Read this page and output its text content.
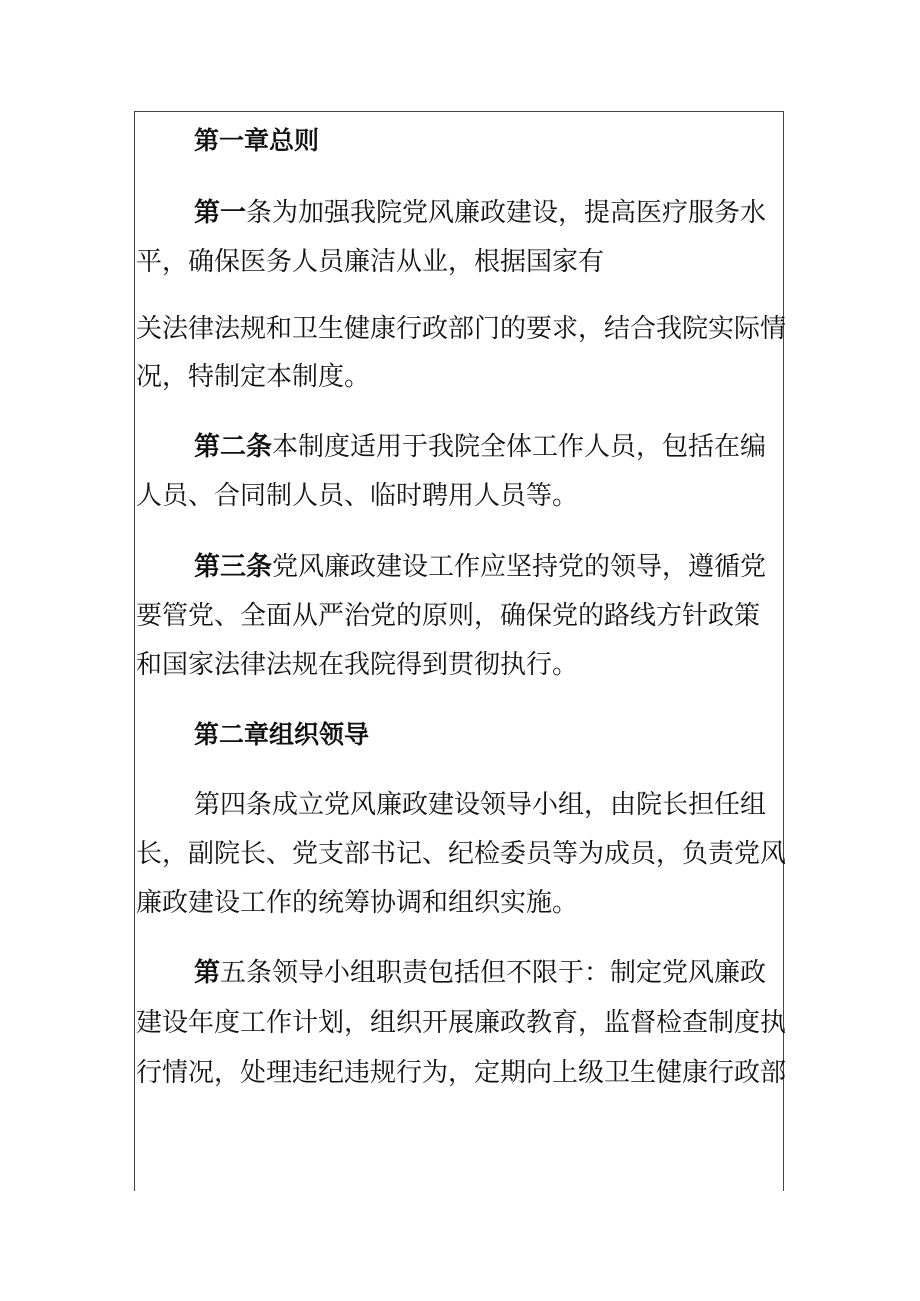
第一章总则
第一条为加强我院党风廉政建设，提高医疗服务水
平，确保医务人员廉洁从业，根据国家有
关法律法规和卫生健康行政部门的要求，结合我院实际情
况，特制定本制度。
第二条本制度适用于我院全体工作人员，包括在编
人员、合同制人员、临时聘用人员等。
第三条党风廉政建设工作应坚持党的领导，遵循党
要管党、全面从严治党的原则，确保党的路线方针政策
和国家法律法规在我院得到贯彻执行。
第二章组织领导
第四条成立党风廉政建设领导小组，由院长担任组
长，副院长、党支部书记、纪检委员等为成员，负责党风
廉政建设工作的统筹协调和组织实施。
第五条领导小组职责包括但不限于：制定党风廉政
建设年度工作计划，组织开展廉政教育，监督检查制度执
行情况，处理违纪违规行为，定期向上级卫生健康行政部
